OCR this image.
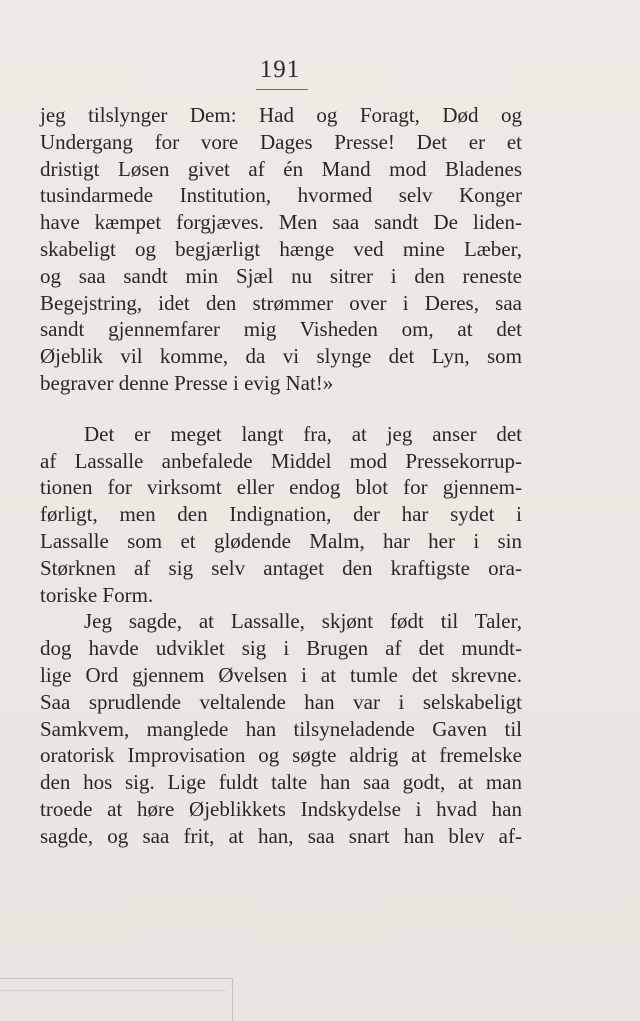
191
jeg tilslynger Dem: Had og Foragt, Død og
Undergang for vore Dages Presse! Det er et
dristigt Løsen givet af én Mand mod Bladenes
tusindarmede Institution, hvormed selv Konger
have kæmpet forgjæves. Men saa sandt De liden-
skabeligt og begjærligt hænge ved mine Læber,
og saa sandt min Sjæl nu sitrer i den reneste
Begejstring, idet den strømmer over i Deres, saa
sandt gjennemfarer mig Visheden om, at det
Øjeblik vil komme, da vi slynge det Lyn, som
begraver denne Presse i evig Nat!»
Det er meget langt fra, at jeg anser det
af Lassalle anbefalede Middel mod Pressekorrup-
tionen for virksomt eller endog blot for gjennem-
førligt, men den Indignation, der har sydet i
Lassalle som et glødende Malm, har her i sin
Størknen af sig selv antaget den kraftigste ora-
toriske Form.
Jeg sagde, at Lassalle, skjønt født til Taler,
dog havde udviklet sig i Brugen af det mundt-
lige Ord gjennem Øvelsen i at tumle det skrevne.
Saa sprudlende veltalende han var i selskabeligt
Samkvem, manglede han tilsyneladende Gaven til
oratorisk Improvisation og søgte aldrig at fremelske
den hos sig. Lige fuldt talte han saa godt, at man
troede at høre Øjeblikkets Indskydelse i hvad han
sagde, og saa frit, at han, saa snart han blev af-
